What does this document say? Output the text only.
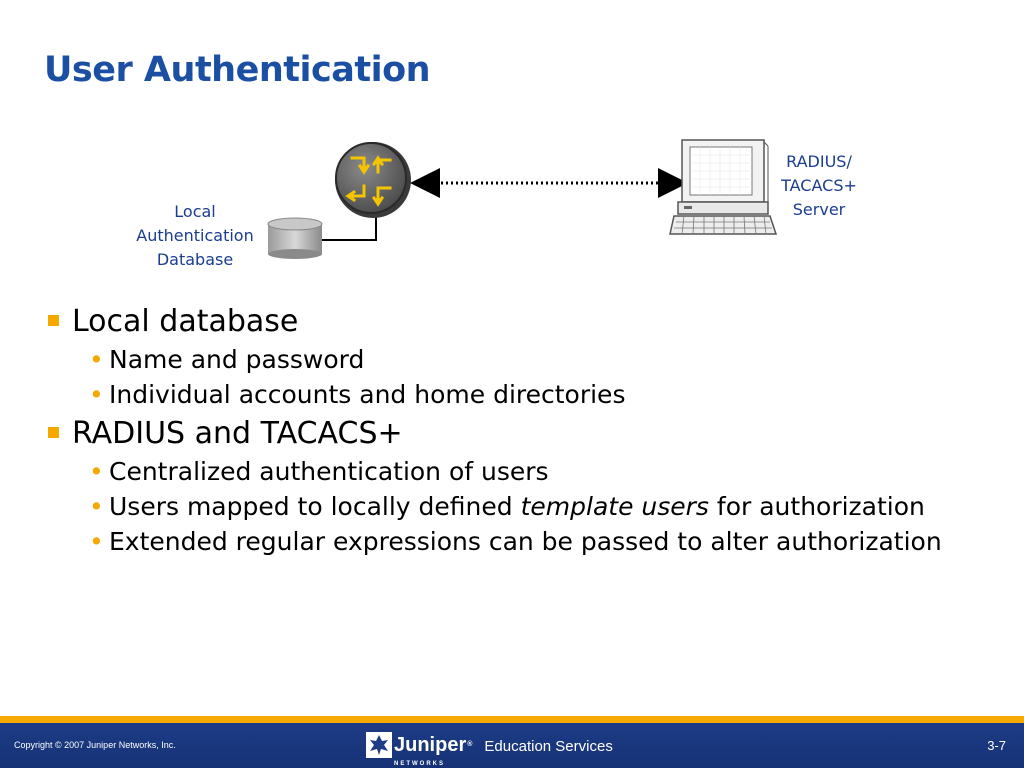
User Authentication
Local
Authentication
Database
RADIUS/
TACACS+
Server
Local database
• Name and password
• Individual accounts and home directories
RADIUS and TACACS+
• Centralized authentication of users
• Users mapped to locally defined template users for authorization
• Extended regular expressions can be passed to alter authorization
Copyright © 2007 Juniper Networks, Inc.	Juniper®
NETWORKS
Education Services	3-7
